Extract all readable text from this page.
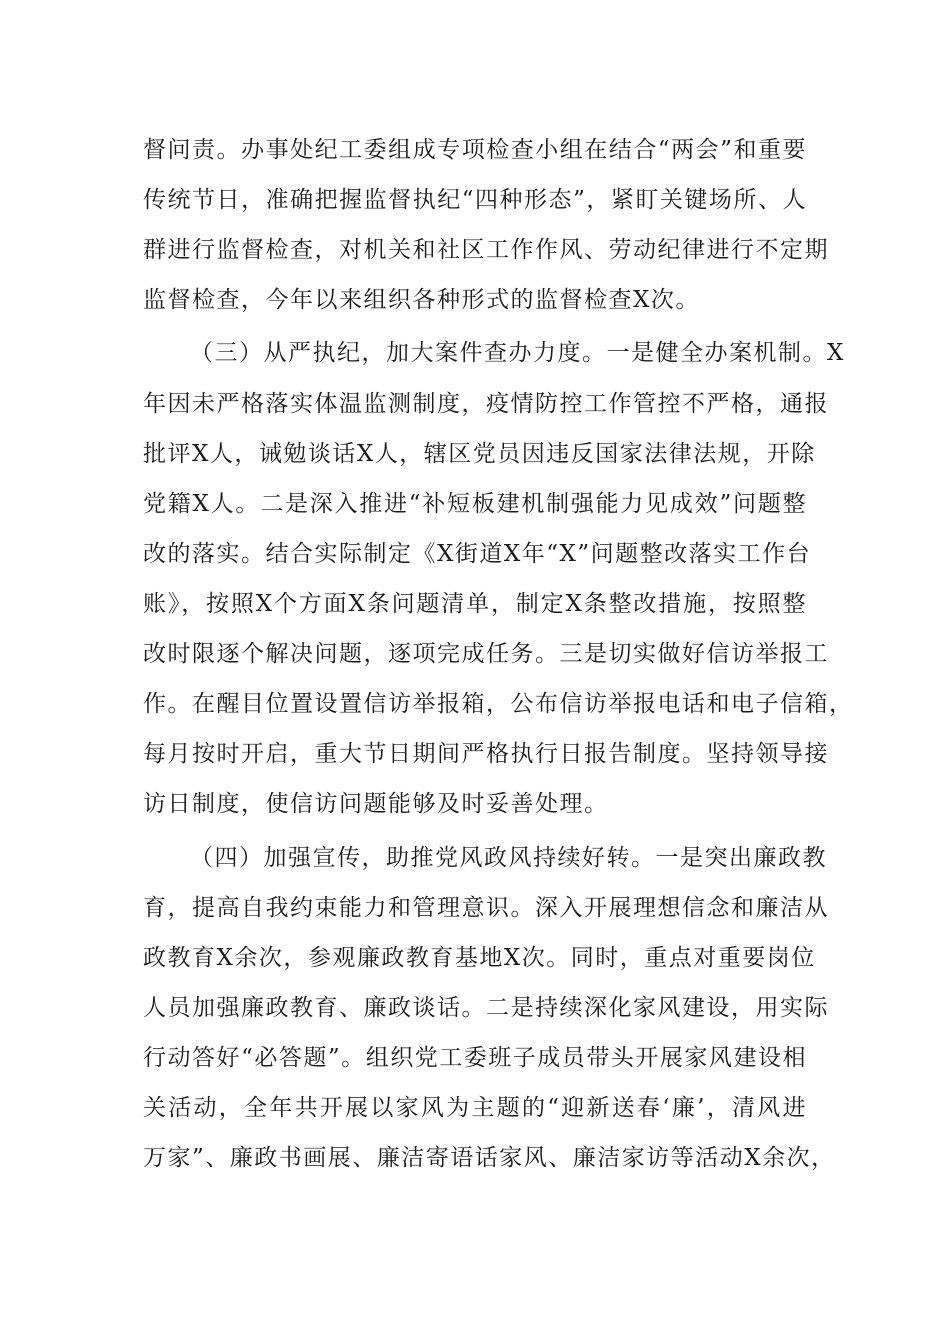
督问责。办事处纪工委组成专项检查小组在结合“两会”和重要
传统节日，准确把握监督执纪“四种形态”，紧盯关键场所、人
群进行监督检查，对机关和社区工作作风、劳动纪律进行不定期
监督检查，今年以来组织各种形式的监督检查X次。
（三）从严执纪，加大案件查办力度。一是健全办案机制。X
年因未严格落实体温监测制度，疫情防控工作管控不严格，通报
批评X人，诫勉谈话X人，辖区党员因违反国家法律法规，开除
党籍X人。二是深入推进“补短板建机制强能力见成效”问题整
改的落实。结合实际制定《X街道X年“X”问题整改落实工作台
账》，按照X个方面X条问题清单，制定X条整改措施，按照整
改时限逐个解决问题，逐项完成任务。三是切实做好信访举报工
作。在醒目位置设置信访举报箱，公布信访举报电话和电子信箱，
每月按时开启，重大节日期间严格执行日报告制度。坚持领导接
访日制度，使信访问题能够及时妥善处理。
（四）加强宣传，助推党风政风持续好转。一是突出廉政教
育，提高自我约束能力和管理意识。深入开展理想信念和廉洁从
政教育X余次，参观廉政教育基地X次。同时，重点对重要岗位
人员加强廉政教育、廉政谈话。二是持续深化家风建设，用实际
行动答好“必答题”。组织党工委班子成员带头开展家风建设相
关活动，全年共开展以家风为主题的“迎新送春‘廉’，清风进
万家”、廉政书画展、廉洁寄语话家风、廉洁家访等活动X余次，
